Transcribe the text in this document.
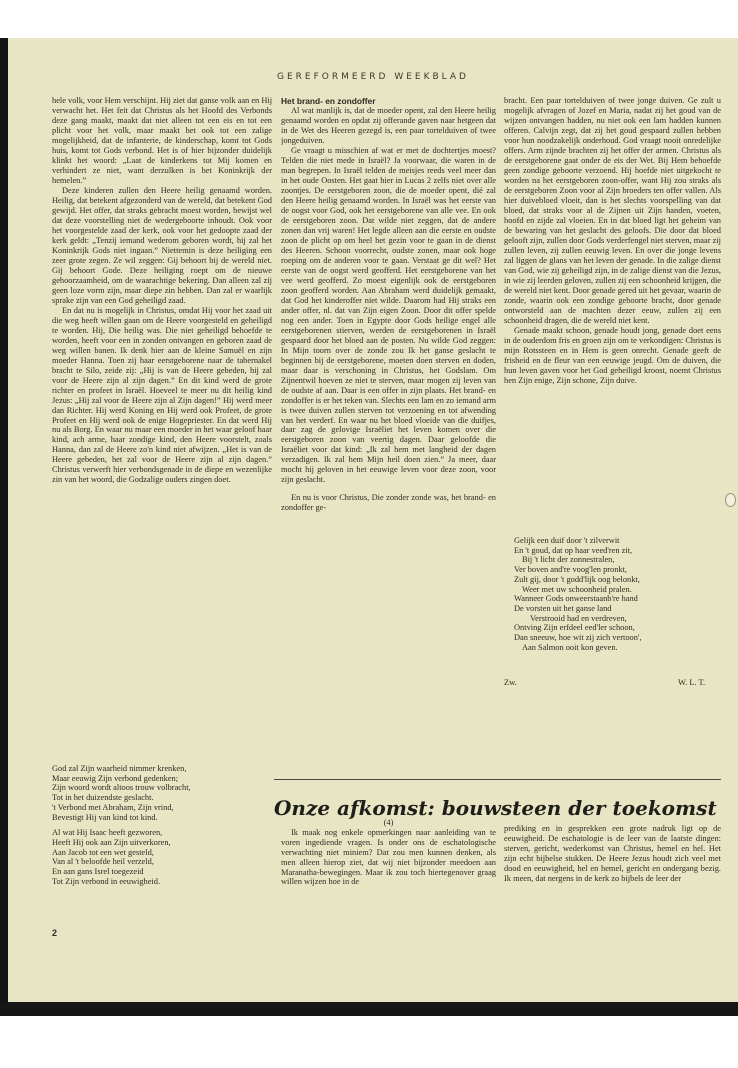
GEREFORMEERD WEEKBLAD

hele volk, voor Hem verschijnt. Hij ziet dat ganse volk aan en Hij verwacht het. Het feit dat Christus als het Hoofd des Verbonds deze gang maakt, maakt dat niet alleen tot een eis en tot een plicht voor het volk, maar maakt het ook tot een zalige mogelijkheid, dat de infanterie, de kinderschap, komt tot Gods huis, komt tot Gods verbond. Het is of hier bijzonder duidelijk klinkt het woord: „Laat de kinderkens tot Mij komen en verhindert ze niet, want derzulken is het Koninkrijk der hemelen.”

Deze kinderen zullen den Heere heilig genaamd worden. Heilig, dat betekent afgezonderd van de wereld, dat betekent God gewijd. Het offer, dat straks gebracht moest worden, bewijst wel dat deze voorstelling niet de wedergeboorte inhoudt. Ook voor het voorgestelde zaad der kerk, ook voor het gedoopte zaad der kerk geldt: „Tenzij iemand wederom geboren wordt, hij zal het Koninkrijk Gods niet ingaan.” Niettemin is deze heiliging een zeer grote zegen. Ze wil zeggen: Gij behoort bij de wereld niet. Gij behoort Gode. Deze heiliging roept om de nieuwe gehoorzaamheid, om de waarachtige bekering. Dan alleen zal zij geen loze vorm zijn, maar diepe zin hebben. Dan zal er waarlijk sprake zijn van een God geheiligd zaad.

En dat nu is mogelijk in Christus, omdat Hij voor het zaad uit die weg heeft willen gaan om de Heere voorgesteld en geheiligd te worden. Hij, Die heilig was. Die niet geheiligd behoefde te worden, heeft voor een in zonden ontvangen en geboren zaad de weg willen banen. Ik denk hier aan de kleine Samuël en zijn moeder Hanna. Toen zij haar eerstgeborene naar de tabernakel bracht te Silo, zeide zij: „Hij is van de Heere gebeden, hij zal voor de Heere zijn al zijn dagen.” En dit kind werd de grote richter en profeet in Israël. Hoeveel te meer nu dit heilig kind Jezus: „Hij zal voor de Heere zijn al Zijn dagen!” Hij werd meer dan Richter. Hij werd Koning en Hij werd ook Profeet, de grote Profeet en Hij werd ook de enige Hogepriester. En dat werd Hij nu als Borg. En waar nu maar een moeder in het waar geloof haar kind, ach arme, haar zondige kind, den Heere voorstelt, zoals Hanna, dan zal de Heere zo'n kind niet afwijzen. „Het is van de Heere gebeden, het zal voor de Heere zijn al zijn dagen.” Christus verwerft hier verbondsgenade in de diepe en wezenlijke zin van het woord, die Godzalige ouders zingen doet.

God zal Zijn waarheid nimmer krenken,
Maar eeuwig Zijn verbond gedenken;
Zijn woord wordt altoos trouw volbracht,
Tot in het duizendste geslacht.
't Verbond met Abraham, Zijn vrind,
Bevestigt Hij van kind tot kind.
Al wat Hij Isaac heeft gezworen,
Heeft Hij ook aan Zijn uitverkoren,
Aan Jacob tot een wet gesteld,
Van al 't beloofde heil verzeld,
En aan gans Isrel toegezeid
Tot Zijn verbond in eeuwigheid.
2

Het brand- en zondoffer

Al wat manlijk is, dat de moeder opent, zal den Heere heilig genaamd worden en opdat zij offerande gaven naar hetgeen dat in de Wet des Heeren gezegd is, een paar tortelduiven of twee jongeduiven.

Ge vraagt u misschien af wat er met de dochtertjes moest? Telden die niet mede in Israël? Ja voorwaar, die waren in de man begrepen. In Israël telden de meisjes reeds veel meer dan in het oude Oosten. Het gaat hier in Lucas 2 zelfs niet over alle zoontjes. De eerstgeboren zoon, die de moeder opent, dié zal den Heere heilig genaamd worden. In Israël was het eerste van de oogst voor God, ook het eerstgeborene van alle vee. En ook de eerstgeboren zoon. Dat wilde niet zeggen, dat de andere zonen dan vrij waren! Het legde alleen aan die eerste en oudste zoon de plicht op om heel het gezin voor te gaan in de dienst des Heeren. Schoon voorrecht, oudste zonen, maar ook hoge roeping om de anderen voor te gaan. Verstaat ge dit wel? Het eerste van de oogst werd geofferd. Het eerstgeborene van het vee werd geofferd. Zo moest eigenlijk ook de eerstgeboren zoon geofferd worden. Aan Abraham werd duidelijk gemaakt, dat God het kinderoffer niet wilde. Daarom had Hij straks een ander offer, nl. dat van Zijn eigen Zoon. Door dit offer spelde nog een ander. Toen in Egypte door Gods heilige engel alle eerstgeborenen stierven, werden de eerstgeborenen in Israël gespaard door het bloed aan de posten. Nu wilde God zeggen: In Mijn toorn over de zonde zou Ik het ganse geslacht te beginnen bij de eerstgeborene, moeten doen sterven en doden, maar daar is verschoning in Christus, het Godslam. Om Zijnentwil hoeven ze niet te sterven, maar mogen zij leven van de oudste af aan. Daar is een offer in zijn plaats. Het brand- en zondoffer is er het teken van. Slechts een lam en zo iemand arm is twee duiven zullen sterven tot verzoening en tot afwending van het verderf. En waar nu het bloed vloeide van die duifjes, daar zag de gelovige Israëliet het leven komen over die eerstgeboren zoon van veertig dagen. Daar geloofde die Israëliet voor dat kind: „Ik zal hem met langheid der dagen verzadigen. Ik zal hem Mijn heil doen zien.” Ja meer, daar mocht hij geloven in het eeuwige leven voor deze zoon, voor zijn geslacht.

En nu is voor Christus, Die zonder zonde was, het brand- en zondoffer ge-

bracht. Een paar tortelduiven of twee jonge duiven. Ge zult u mogelijk afvragen of Jozef en Maria, nadat zij het goud van de wijzen ontvangen hadden, nu niet ook een lam hadden kunnen offeren. Calvijn zegt, dat zij het goud gespaard zullen hebben voor hun noodzakelijk onderhoud. God vraagt nooit onredelijke offers. Arm zijnde brachten zij het offer der armen. Christus als de eerstgeborene gaat onder de eis der Wet. Bij Hem behoefde geen zondige geboorte verzoend. Hij hoefde niet uitgekocht te worden na het eerstgeboren zoon-offer, want Hij zou straks als de eerstgeboren Zoon voor al Zijn broeders ten offer vallen. Als hier duivebloed vloeit, dan is het slechts voorspelling van dat bloed, dat straks voor al de Zijnen uit Zijn handen, voeten, hoofd en zijde zal vloeien. En in dat bloed ligt het geheim van de bewaring van het geslacht des geloofs. Die door dat bloed gelooft zijn, zullen door Gods verderfengel niet sterven, maar zij zullen leven, zij zullen eeuwig leven. En over die jonge levens zal liggen de glans van het leven der genade. In die zalige dienst van God, wie zij geheiligd zijn, in de zalige dienst van die Jezus, in wie zij leerden geloven, zullen zij een schoonheid krijgen, die de wereld niet kent. Door genade gered uit het gevaar, waarin de zonde, waarin ook een zondige geboorte bracht, door genade ontworsteld aan de machten dezer eeuw, zullen zij een schoonheid dragen, die de wereld niet kent.

Genade maakt schoon, genade houdt jong, genade doet eens in de ouderdom fris en groen zijn om te verkondigen: Christus is mijn Rotssteen en in Hem is geen onrecht. Genade geeft de frisheid en de fleur van een eeuwige jeugd. Om de duiven, die hun leven gaven voor het God geheiligd kroost, noemt Christus hen Zijn enige, Zijn schone, Zijn duive.

Gelijk een duif door 't zilverwit
En 't goud, dat op haar veed'ren zit,
Bij 't licht der zonnestralen,
Ver boven and're voog'len pronkt,
Zult gij, door 't godd'lijk oog belonkt,
Weer met uw schoonheid pralen.
Wanneer Gods onweerstaanb're hand
De vorsten uit het ganse land
Verstrooid had en verdreven,
Ontving Zijn erfdeel eed'ler schoon,
Dan sneeuw, hoe wit zij zich vertoon',
Aan Salmon ooit kon geven.
Zw.	W. L. T.
Onze afkomst: bouwsteen der toekomst

(4)

Ik maak nog enkele opmerkingen naar aanleiding van te voren ingediende vragen. Is onder ons de eschatologische verwachting niet miniem? Dat zou men kunnen denken, als men alleen hierop ziet, dat wij niet bijzonder meedoen aan Maranatha-bewegingen. Maar ik zou toch hiertegenover graag willen wijzen hoe in de

prediking en in gesprekken een grote nadruk ligt op de eeuwigheid. De eschatologie is de leer van de laatste dingen: sterven, gericht, wederkomst van Christus, hemel en hel. Het zijn echt bijbelse stukken. De Heere Jezus houdt zich veel met dood en eeuwigheid, hel en hemel, gericht en ondergang bezig. Ik meen, dat nergens in de kerk zo bijbels de leer der
